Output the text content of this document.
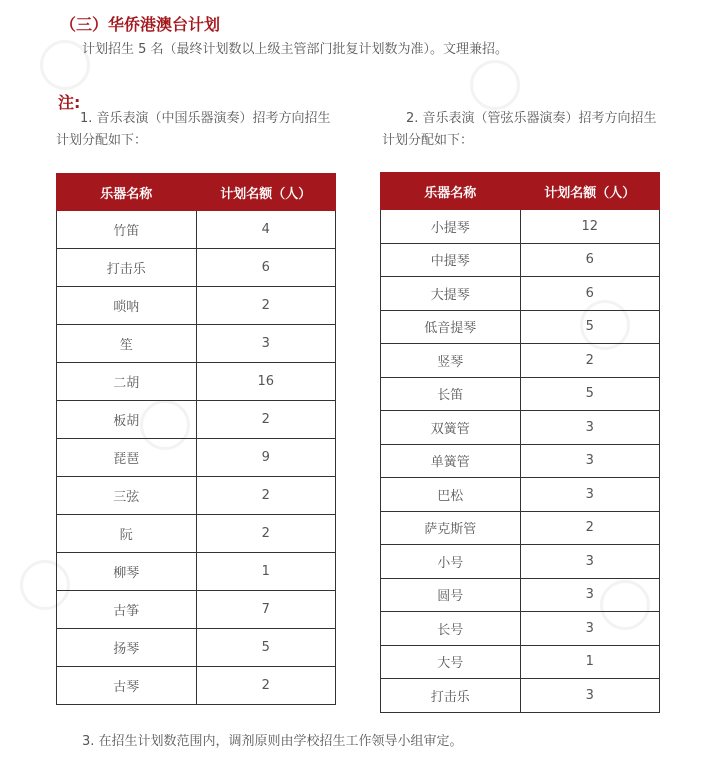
（三）华侨港澳台计划
计划招生 5 名（最终计划数以上级主管部门批复计划数为准）。文理兼招。
注:
1. 音乐表演（中国乐器演奏）招考方向招生
计划分配如下：
2. 音乐表演（管弦乐器演奏）招考方向招生
计划分配如下：
乐器名称	计划名额（人）
竹笛	4
打击乐	6
唢呐	2
笙	3
二胡	16
板胡	2
琵琶	9
三弦	2
阮	2
柳琴	1
古筝	7
扬琴	5
古琴	2
乐器名称	计划名额（人）
小提琴	12
中提琴	6
大提琴	6
低音提琴	5
竖琴	2
长笛	5
双簧管	3
单簧管	3
巴松	3
萨克斯管	2
小号	3
圆号	3
长号	3
大号	1
打击乐	3
3. 在招生计划数范围内，调剂原则由学校招生工作领导小组审定。
